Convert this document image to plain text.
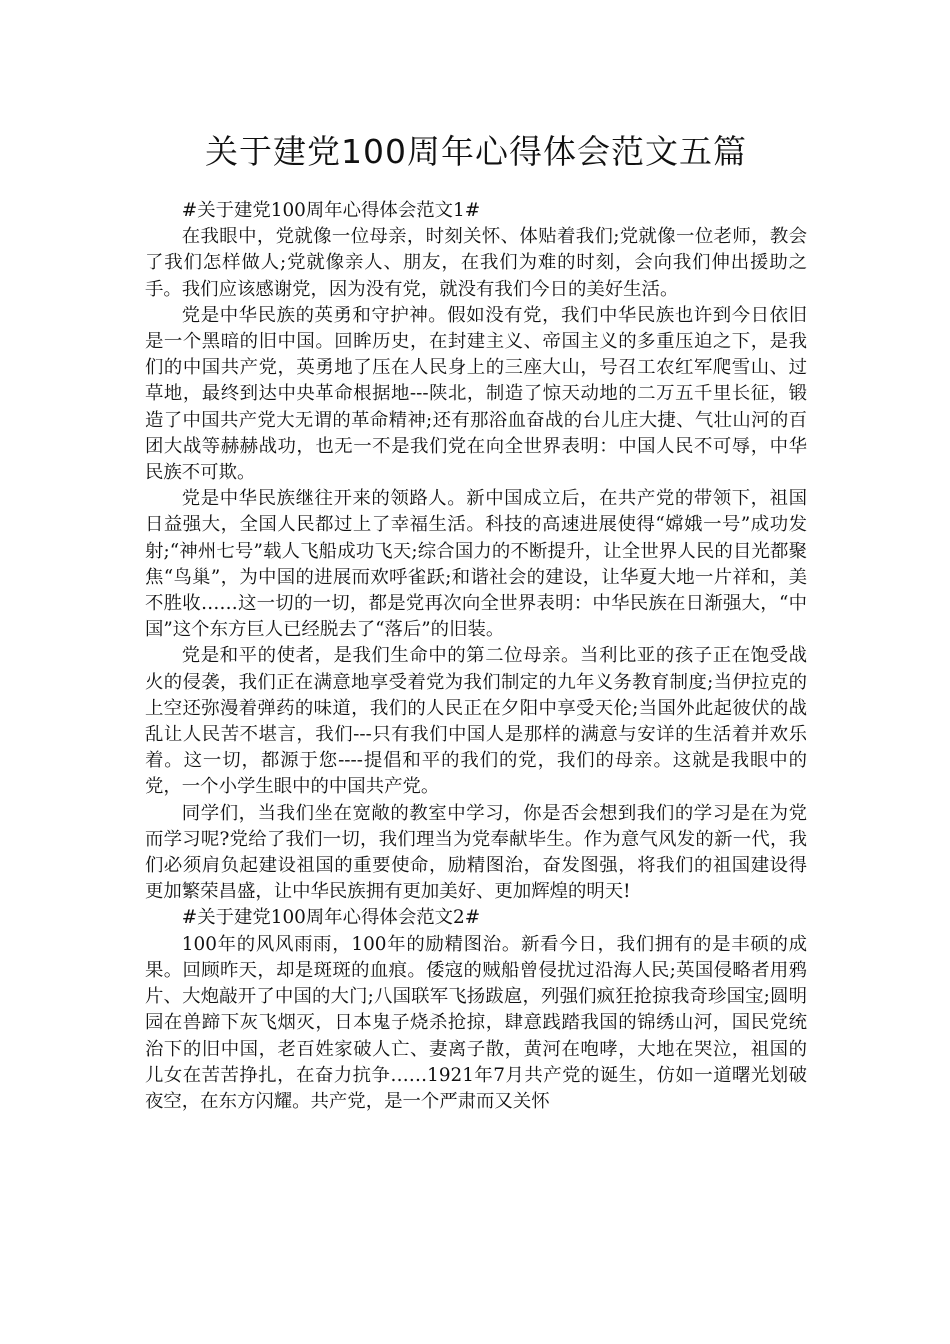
关于建党100周年心得体会范文五篇

#关于建党100周年心得体会范文1#

在我眼中，党就像一位母亲，时刻关怀、体贴着我们;党就像一位老师，教会了我们怎样做人;党就像亲人、朋友，在我们为难的时刻，会向我们伸出援助之手。我们应该感谢党，因为没有党，就没有我们今日的美好生活。

党是中华民族的英勇和守护神。假如没有党，我们中华民族也许到今日依旧是一个黑暗的旧中国。回眸历史，在封建主义、帝国主义的多重压迫之下，是我们的中国共产党，英勇地了压在人民身上的三座大山，号召工农红军爬雪山、过草地，最终到达中央革命根据地---陕北，制造了惊天动地的二万五千里长征，锻造了中国共产党大无谓的革命精神;还有那浴血奋战的台儿庄大捷、气壮山河的百团大战等赫赫战功，也无一不是我们党在向全世界表明：中国人民不可辱，中华民族不可欺。

党是中华民族继往开来的领路人。新中国成立后，在共产党的带领下，祖国日益强大，全国人民都过上了幸福生活。科技的高速进展使得“嫦娥一号”成功发射;“神州七号”载人飞船成功飞天;综合国力的不断提升，让全世界人民的目光都聚焦“鸟巢”，为中国的进展而欢呼雀跃;和谐社会的建设，让华夏大地一片祥和，美不胜收……这一切的一切，都是党再次向全世界表明：中华民族在日渐强大，“中国”这个东方巨人已经脱去了“落后”的旧装。

党是和平的使者，是我们生命中的第二位母亲。当利比亚的孩子正在饱受战火的侵袭，我们正在满意地享受着党为我们制定的九年义务教育制度;当伊拉克的上空还弥漫着弹药的味道，我们的人民正在夕阳中享受天伦;当国外此起彼伏的战乱让人民苦不堪言，我们---只有我们中国人是那样的满意与安详的生活着并欢乐着。这一切，都源于您----提倡和平的我们的党，我们的母亲。这就是我眼中的党，一个小学生眼中的中国共产党。

同学们，当我们坐在宽敞的教室中学习，你是否会想到我们的学习是在为党而学习呢?党给了我们一切，我们理当为党奉献毕生。作为意气风发的新一代，我们必须肩负起建设祖国的重要使命，励精图治，奋发图强，将我们的祖国建设得更加繁荣昌盛，让中华民族拥有更加美好、更加辉煌的明天!

#关于建党100周年心得体会范文2#

100年的风风雨雨，100年的励精图治。新看今日，我们拥有的是丰硕的成果。回顾昨天，却是斑斑的血痕。倭寇的贼船曾侵扰过沿海人民;英国侵略者用鸦片、大炮敲开了中国的大门;八国联军飞扬跋扈，列强们疯狂抢掠我奇珍国宝;圆明园在兽蹄下灰飞烟灭，日本鬼子烧杀抢掠，肆意践踏我国的锦绣山河，国民党统治下的旧中国，老百姓家破人亡、妻离子散，黄河在咆哮，大地在哭泣，祖国的儿女在苦苦挣扎，在奋力抗争……1921年7月共产党的诞生，仿如一道曙光划破夜空，在东方闪耀。共产党，是一个严肃而又关怀
